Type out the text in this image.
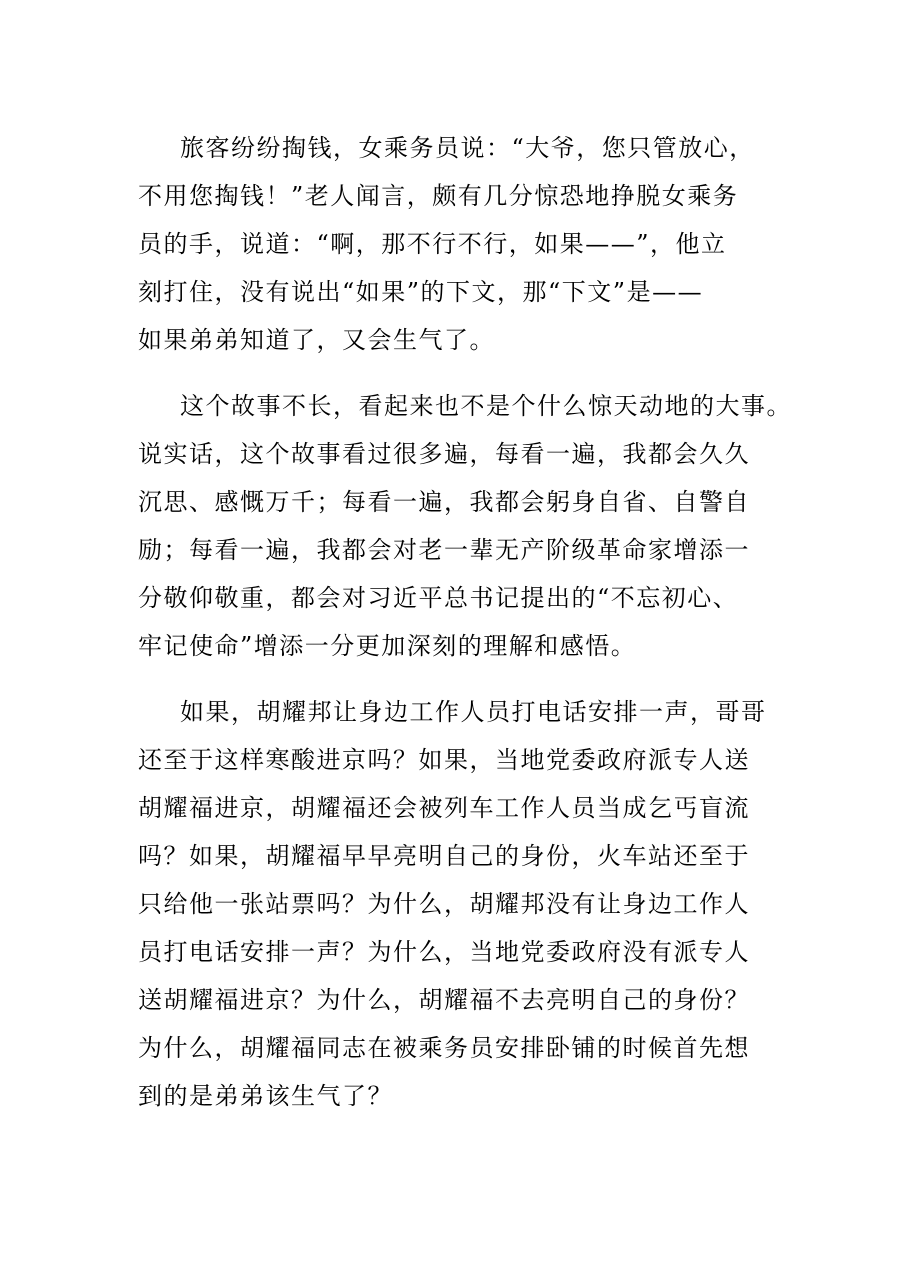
旅客纷纷掏钱，女乘务员说：“大爷，您只管放心，
不用您掏钱！”老人闻言，颇有几分惊恐地挣脱女乘务
员的手，说道：“啊，那不行不行，如果——”，他立
刻打住，没有说出“如果”的下文，那“下文”是——
如果弟弟知道了，又会生气了。

这个故事不长，看起来也不是个什么惊天动地的大事。
说实话，这个故事看过很多遍，每看一遍，我都会久久
沉思、感慨万千；每看一遍，我都会躬身自省、自警自
励；每看一遍，我都会对老一辈无产阶级革命家增添一
分敬仰敬重，都会对习近平总书记提出的“不忘初心、
牢记使命”增添一分更加深刻的理解和感悟。

如果，胡耀邦让身边工作人员打电话安排一声，哥哥
还至于这样寒酸进京吗？如果，当地党委政府派专人送
胡耀福进京，胡耀福还会被列车工作人员当成乞丐盲流
吗？如果，胡耀福早早亮明自己的身份，火车站还至于
只给他一张站票吗？为什么，胡耀邦没有让身边工作人
员打电话安排一声？为什么，当地党委政府没有派专人
送胡耀福进京？为什么，胡耀福不去亮明自己的身份？
为什么，胡耀福同志在被乘务员安排卧铺的时候首先想
到的是弟弟该生气了？
